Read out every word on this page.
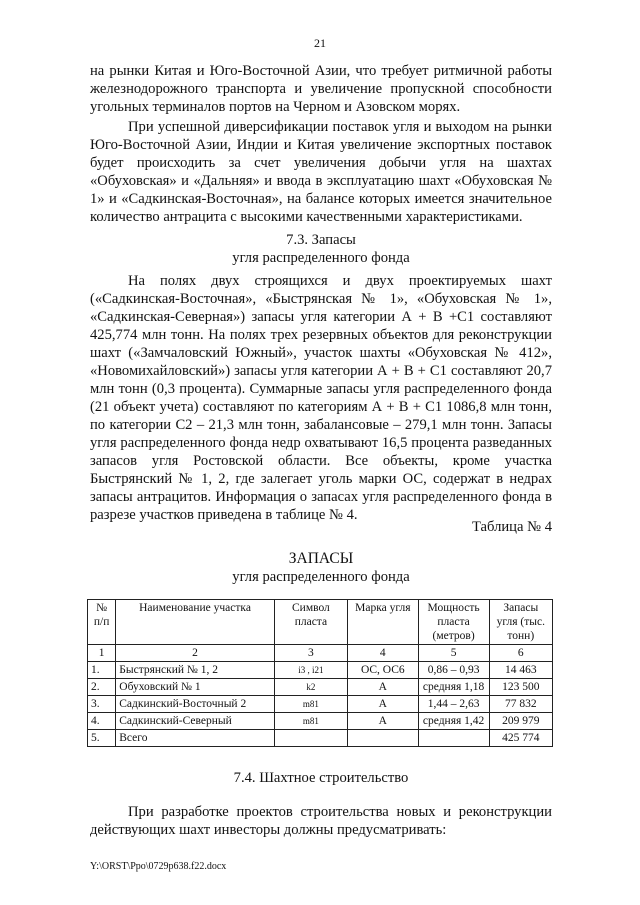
21

на рынки Китая и Юго-Восточной Азии, что требует ритмичной работы железнодорожного транспорта и увеличение пропускной способности угольных терминалов портов на Черном и Азовском морях.

При успешной диверсификации поставок угля и выходом на рынки Юго-Восточной Азии, Индии и Китая увеличение экспортных поставок будет происходить за счет увеличения добычи угля на шахтах «Обуховская» и «Дальняя» и ввода в эксплуатацию шахт «Обуховская № 1» и «Садкинская-Восточная», на балансе которых имеется значительное количество антрацита с высокими качественными характеристиками.

7.3. Запасы
угля распределенного фонда

На полях двух строящихся и двух проектируемых шахт («Садкинская-Восточная», «Быстрянская № 1», «Обуховская № 1», «Садкинская-Северная») запасы угля категории А + В +С1 составляют 425,774 млн тонн. На полях трех резервных объектов для реконструкции шахт («Замчаловский Южный», участок шахты «Обуховская № 412», «Новомихайловский») запасы угля категории А + В + С1 составляют 20,7 млн тонн (0,3 процента). Суммарные запасы угля распределенного фонда (21 объект учета) составляют по категориям А + В + С1 1086,8 млн тонн, по категории С2 – 21,3 млн тонн, забалансовые – 279,1 млн тонн. Запасы угля распределенного фонда недр охватывают 16,5 процента разведанных запасов угля Ростовской области. Все объекты, кроме участка Быстрянский № 1, 2, где залегает уголь марки ОС, содержат в недрах запасы антрацитов. Информация о запасах угля распределенного фонда в разрезе участков приведена в таблице № 4.

Таблица № 4
ЗАПАСЫ
угля распределенного фонда
№ п/п	Наименование участка	Символ пласта	Марка угля	Мощность пласта (метров)	Запасы угля (тыс. тонн)
1	2	3	4	5	6
1.	Быстрянский № 1, 2	i3 , i21	ОС, ОС6	0,86 – 0,93	14 463
2.	Обуховский № 1	k2	А	средняя 1,18	123 500
3.	Садкинский-Восточный 2	m81	А	1,44 – 2,63	77 832
4.	Садкинский-Северный	m81	А	средняя 1,42	209 979
5.	Всего				425 774
7.4. Шахтное строительство

При разработке проектов строительства новых и реконструкции действующих шахт инвесторы должны предусматривать:

Y:\ORST\Ppo\0729p638.f22.docx
